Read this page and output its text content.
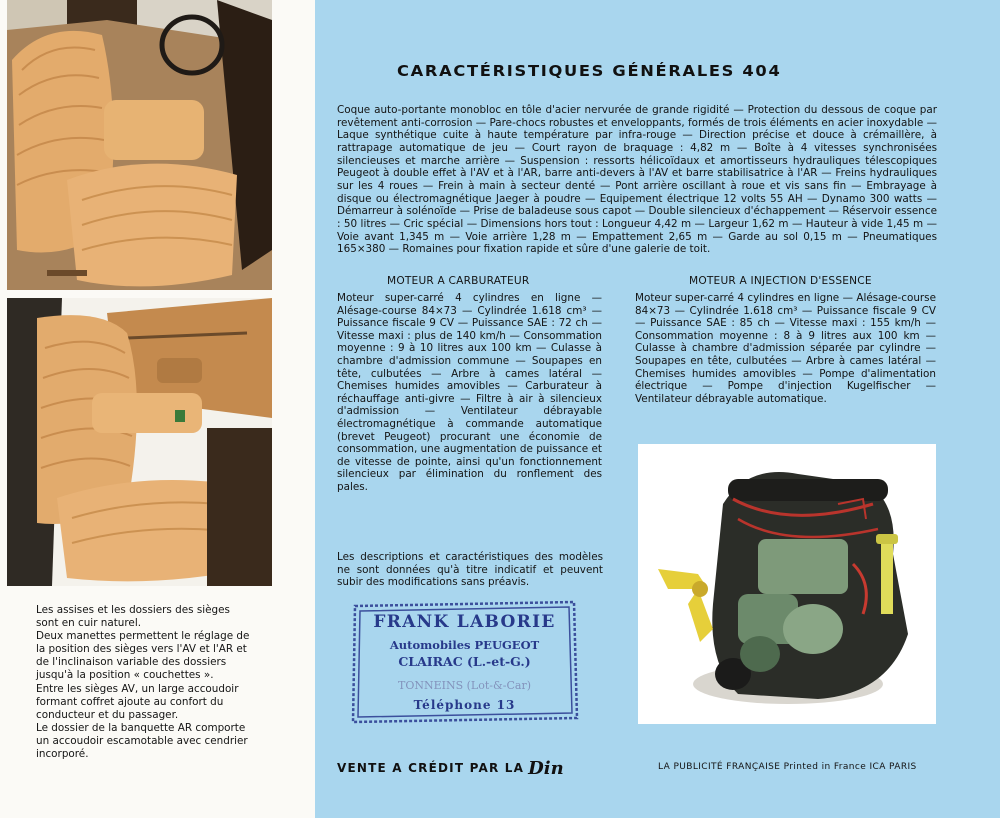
Les assises et les dossiers des sièges sont en cuir naturel.

Deux manettes permettent le réglage de la position des sièges vers l'AV et l'AR et de l'inclinaison variable des dossiers jusqu'à la position « couchettes ».

Entre les sièges AV, un large accoudoir formant coffret ajoute au confort du conducteur et du passager.

Le dossier de la banquette AR comporte un accoudoir escamotable avec cendrier incorporé.

CARACTÉRISTIQUES GÉNÉRALES 404
Coque auto-portante monobloc en tôle d'acier nervurée de grande rigidité — Protection du dessous de coque par revêtement anti-corrosion — Pare-chocs robustes et enveloppants, formés de trois éléments en acier inoxydable — Laque synthétique cuite à haute température par infra-rouge — Direction précise et douce à crémaillère, à rattrapage automatique de jeu — Court rayon de braquage : 4,82 m — Boîte à 4 vitesses synchronisées silencieuses et marche arrière — Suspension : ressorts hélicoïdaux et amortisseurs hydrauliques télescopiques Peugeot à double effet à l'AV et à l'AR, barre anti-devers à l'AV et barre stabilisatrice à l'AR — Freins hydrauliques sur les 4 roues — Frein à main à secteur denté — Pont arrière oscillant à roue et vis sans fin — Embrayage à disque ou électromagnétique Jaeger à poudre — Equipement électrique 12 volts 55 AH — Dynamo 300 watts — Démarreur à solénoïde — Prise de baladeuse sous capot — Double silencieux d'échappement — Réservoir essence : 50 litres — Cric spécial — Dimensions hors tout : Longueur 4,42 m — Largeur 1,62 m — Hauteur à vide 1,45 m — Voie avant 1,345 m — Voie arrière 1,28 m — Empattement 2,65 m — Garde au sol 0,15 m — Pneumatiques 165×380 — Romaines pour fixation rapide et sûre d'une galerie de toit.
MOTEUR A CARBURATEUR	MOTEUR A INJECTION D'ESSENCE
Moteur super-carré 4 cylindres en ligne — Alésage-course 84×73 — Cylindrée 1.618 cm³ — Puissance fiscale 9 CV — Puissance SAE : 72 ch — Vitesse maxi : plus de 140 km/h — Consommation moyenne : 9 à 10 litres aux 100 km — Culasse à chambre d'admission commune — Soupapes en tête, culbutées — Arbre à cames latéral — Chemises humides amovibles — Carburateur à réchauffage anti-givre — Filtre à air à silencieux d'admission — Ventilateur débrayable électromagnétique à commande automatique (brevet Peugeot) procurant une économie de consommation, une augmentation de puissance et de vitesse de pointe, ainsi qu'un fonctionnement silencieux par élimination du ronflement des pales.
Moteur super-carré 4 cylindres en ligne — Alésage-course 84×73 — Cylindrée 1.618 cm³ — Puissance fiscale 9 CV — Puissance SAE : 85 ch — Vitesse maxi : 155 km/h — Consommation moyenne : 8 à 9 litres aux 100 km — Culasse à chambre d'admission séparée par cylindre — Soupapes en tête, culbutées — Arbre à cames latéral — Chemises humides amovibles — Pompe d'alimentation électrique — Pompe d'injection Kugelfischer — Ventilateur débrayable automatique.
Les descriptions et caractéristiques des modèles ne sont données qu'à titre indicatif et peuvent subir des modifications sans préavis.
FRANK LABORIE
Automobiles PEUGEOT
CLAIRAC (L.-et-G.)
TONNEINS (Lot-&-Car)
Téléphone 13
VENTE A CRÉDIT PAR LA Din	LA PUBLICITÉ FRANÇAISE Printed in France ICA PARIS
